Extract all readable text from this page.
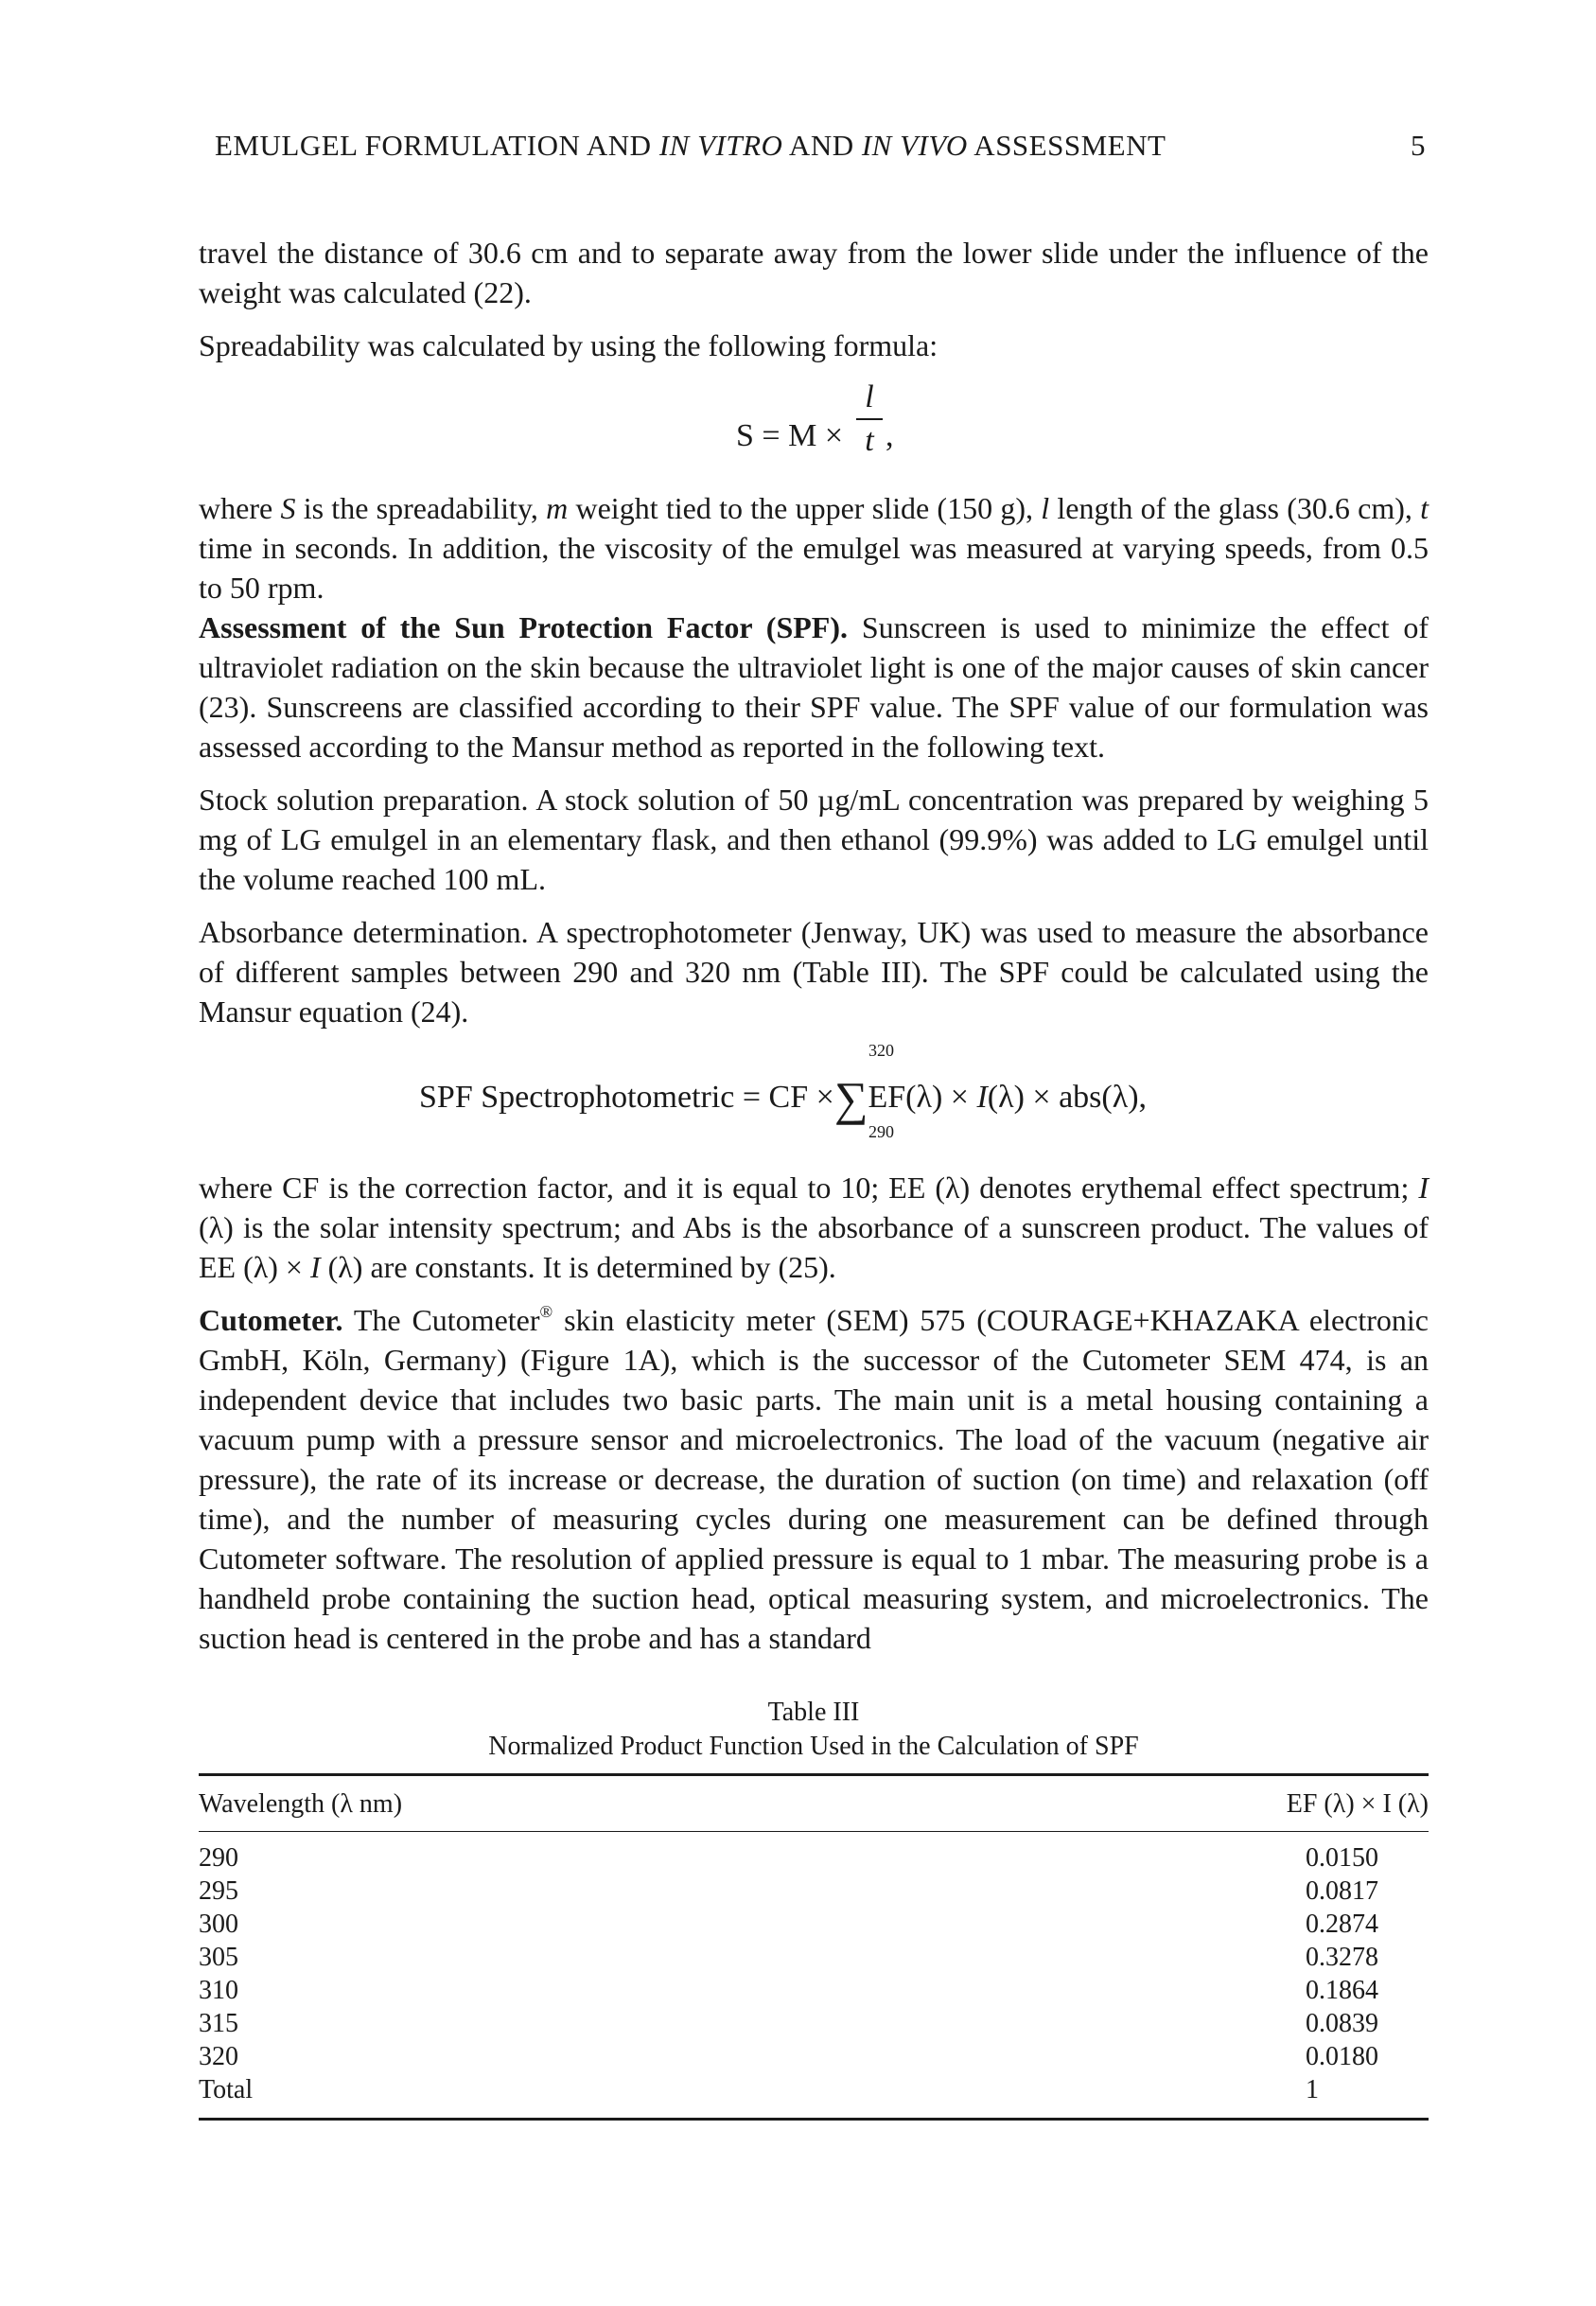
EMULGEL FORMULATION AND IN VITRO AND IN VIVO ASSESSMENT	5

travel the distance of 30.6 cm and to separate away from the lower slide under the influence of the weight was calculated (22).

Spreadability was calculated by using the following formula:

S = M ×
l
t ,

where S is the spreadability, m weight tied to the upper slide (150 g), l length of the glass (30.6 cm), t time in seconds. In addition, the viscosity of the emulgel was measured at varying speeds, from 0.5 to 50 rpm.

Assessment of the Sun Protection Factor (SPF). Sunscreen is used to minimize the effect of ultraviolet radiation on the skin because the ultraviolet light is one of the major causes of skin cancer (23). Sunscreens are classified according to their SPF value. The SPF value of our formulation was assessed according to the Mansur method as reported in the following text.

Stock solution preparation. A stock solution of 50 µg/mL concentration was prepared by weighing 5 mg of LG emulgel in an elementary flask, and then ethanol (99.9%) was added to LG emulgel until the volume reached 100 mL.

Absorbance determination. A spectrophotometer (Jenway, UK) was used to measure the absorbance of different samples between 290 and 320 nm (Table III). The SPF could be calculated using the Mansur equation (24).

320
SPF Spectrophotometric = CF ×∑EF(λ) × I(λ) × abs(λ),
290

where CF is the correction factor, and it is equal to 10; EE (λ) denotes erythemal effect spectrum; I (λ) is the solar intensity spectrum; and Abs is the absorbance of a sunscreen product. The values of EE (λ) × I (λ) are constants. It is determined by (25).

Cutometer. The Cutometer® skin elasticity meter (SEM) 575 (COURAGE+KHAZAKA electronic GmbH, Köln, Germany) (Figure 1A), which is the successor of the Cutometer SEM 474, is an independent device that includes two basic parts. The main unit is a metal housing containing a vacuum pump with a pressure sensor and microelectronics. The load of the vacuum (negative air pressure), the rate of its increase or decrease, the duration of suction (on time) and relaxation (off time), and the number of measuring cycles during one measurement can be defined through Cutometer software. The resolution of applied pressure is equal to 1 mbar. The measuring probe is a handheld probe containing the suction head, optical measuring system, and microelectronics. The suction head is centered in the probe and has a standard

Table III
Normalized Product Function Used in the Calculation of SPF
Wavelength (λ nm)	EF (λ) × I (λ)
290	0.0150
295	0.0817
300	0.2874
305	0.3278
310	0.1864
315	0.0839
320	0.0180
Total	1
